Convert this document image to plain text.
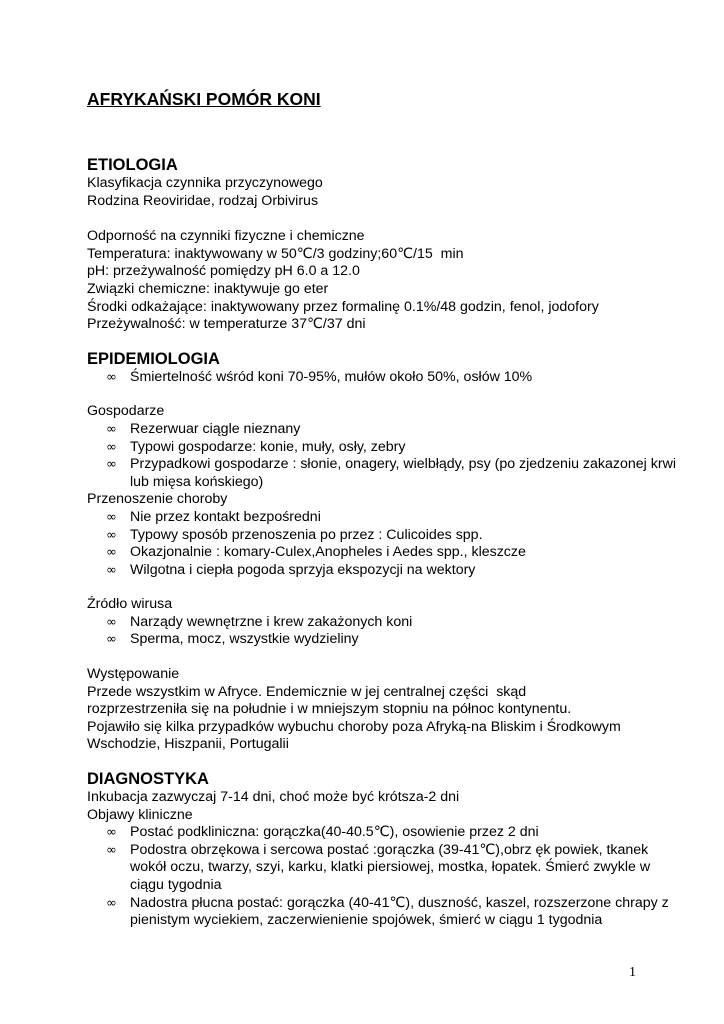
AFRYKAŃSKI POMÓR KONI

ETIOLOGIA

Klasyfikacja czynnika przyczynowego

Rodzina Reoviridae, rodzaj Orbivirus

Odporność na czynniki fizyczne i chemiczne

Temperatura: inaktywowany w 50℃/3 godziny;60℃/15  min

pH: przeżywalność pomiędzy pH 6.0 a 12.0

Związki chemiczne: inaktywuje go eter

Środki odkażające: inaktywowany przez formalinę 0.1%/48 godzin, fenol, jodofory

Przeżywalność: w temperaturze 37℃/37 dni

EPIDEMIOLOGIA

∞ Śmiertelność wśród koni 70-95%, mułów około 50%, osłów 10%

Gospodarze

∞ Rezerwuar ciągle nieznany
∞ Typowi gospodarze: konie, muły, osły, zebry
∞ Przypadkowi gospodarze : słonie, onagery, wielbłądy, psy (po zjedzeniu zakazonej krwi lub mięsa końskiego)

Przenoszenie choroby

∞ Nie przez kontakt bezpośredni
∞ Typowy sposób przenoszenia po przez : Culicoides spp.
∞ Okazjonalnie : komary-Culex,Anopheles i Aedes spp., kleszcze
∞ Wilgotna i ciepła pogoda sprzyja ekspozycji na wektory

Źródło wirusa

∞ Narządy wewnętrzne i krew zakażonych koni
∞ Sperma, mocz, wszystkie wydzieliny

Występowanie

Przede wszystkim w Afryce. Endemicznie w jej centralnej części  skąd

rozprzestrzeniła się na południe i w mniejszym stopniu na północ kontynentu.

Pojawiło się kilka przypadków wybuchu choroby poza Afryką-na Bliskim i Środkowym

Wschodzie, Hiszpanii, Portugalii

DIAGNOSTYKA

Inkubacja zazwyczaj 7-14 dni, choć może być krótsza-2 dni

Objawy kliniczne

∞ Postać podkliniczna: gorączka(40-40.5℃), osowienie przez 2 dni
∞ Podostra obrzękowa i sercowa postać :gorączka (39-41℃),obrz ęk powiek, tkanek wokół oczu, twarzy, szyi, karku, klatki piersiowej, mostka, łopatek. Śmierć zwykle w ciągu tygodnia
∞ Nadostra płucna postać: gorączka (40-41℃), duszność, kaszel, rozszerzone chrapy z pienistym wyciekiem, zaczerwienienie spojówek, śmierć w ciągu 1 tygodnia
1
